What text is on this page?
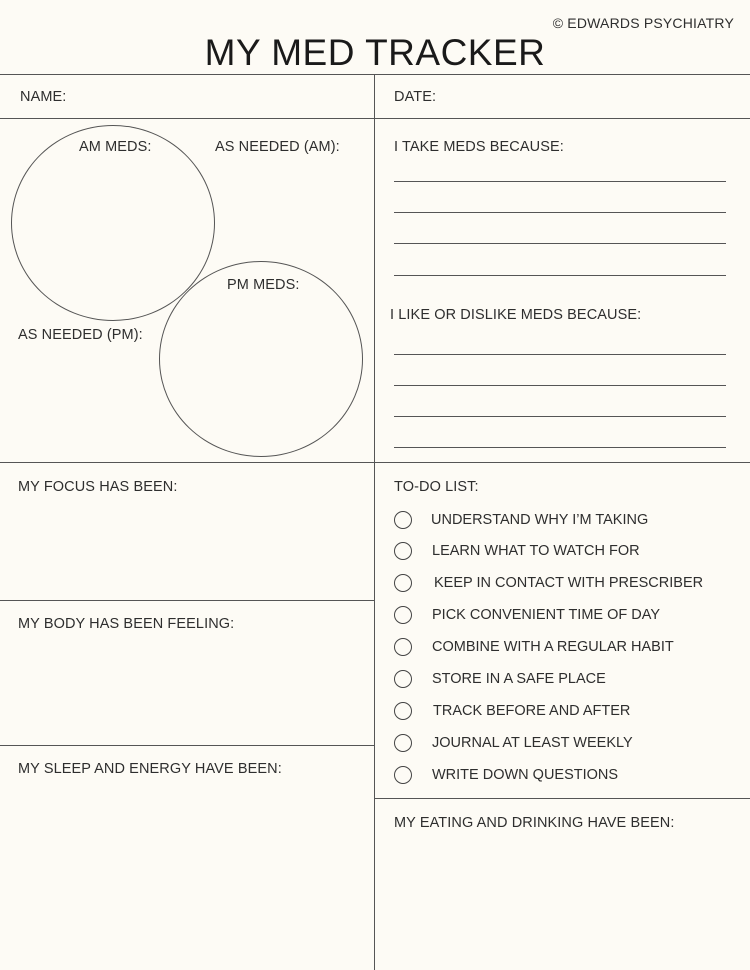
© EDWARDS PSYCHIATRY
MY MED TRACKER
NAME:	DATE:
AM MEDS:	AS NEEDED (AM):
PM MEDS:
AS NEEDED (PM):
I TAKE MEDS BECAUSE:
I LIKE OR DISLIKE MEDS BECAUSE:
MY FOCUS HAS BEEN:
MY BODY HAS BEEN FEELING:
MY SLEEP AND ENERGY HAVE BEEN:
TO-DO LIST:
UNDERSTAND WHY I’M TAKING
LEARN WHAT TO WATCH FOR
KEEP IN CONTACT WITH PRESCRIBER
PICK CONVENIENT TIME OF DAY
COMBINE WITH A REGULAR HABIT
STORE IN A SAFE PLACE
TRACK BEFORE AND AFTER
JOURNAL AT LEAST WEEKLY
WRITE DOWN QUESTIONS
MY EATING AND DRINKING HAVE BEEN:
